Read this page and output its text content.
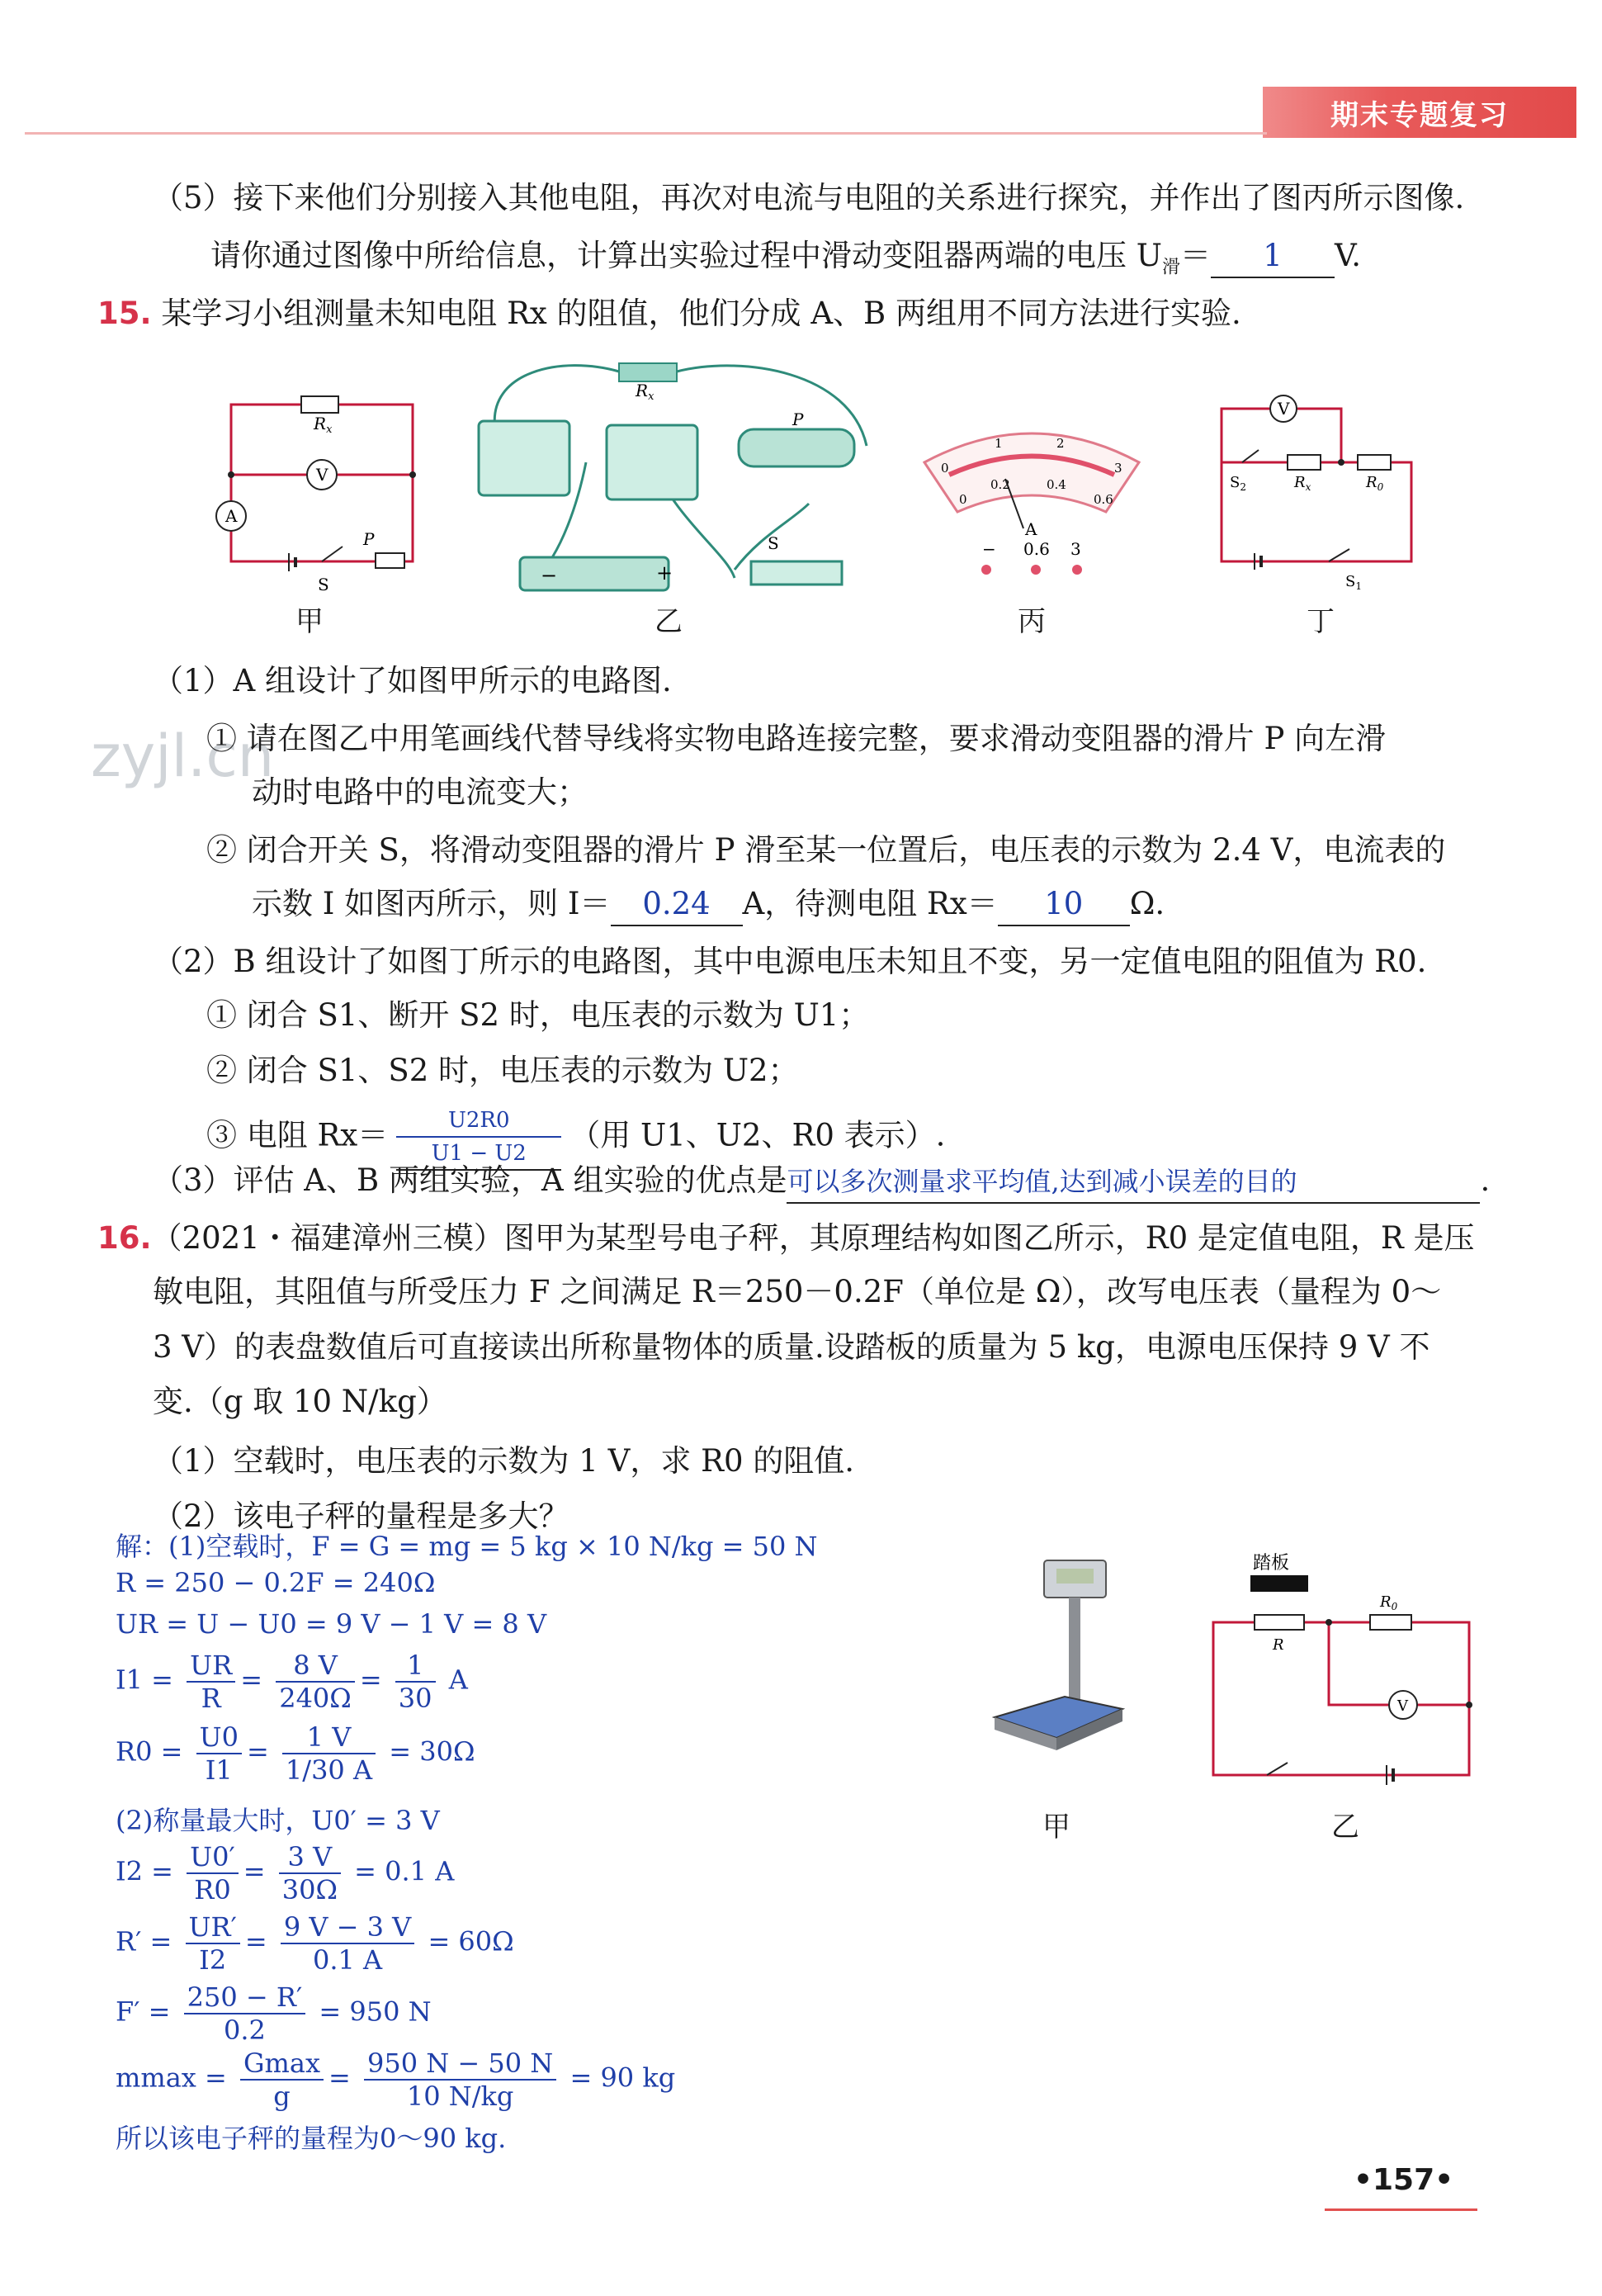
期末专题复习
zyjl.cn
（5）接下来他们分别接入其他电阻，再次对电流与电阻的关系进行探究，并作出了图丙所示图像.
请你通过图像中所给信息，计算出实验过程中滑动变阻器两端的电压 $U_滑= 1$ V.
15. 某学习小组测量未知电阻 Rx 的阻值，他们分成 A、B 两组用不同方法进行实验.
$R_x$
V
A
P
S
甲
$R_x$
P
S
−	+
乙
0
1	2
3
0
0.2	0.4
0.6
A
− 0.6 3
丙
V
$S_2$	$R_x$	$R_0$
$S_1$
丁
（1）A 组设计了如图甲所示的电路图.
① 请在图乙中用笔画线代替导线将实物电路连接完整，要求滑动变阻器的滑片 P 向左滑
动时电路中的电流变大；
② 闭合开关 S，将滑动变阻器的滑片 P 滑至某一位置后，电压表的示数为 2.4 V，电流表的
示数 I 如图丙所示，则 I＝ 0.24 A，待测电阻 Rx＝ 10 Ω.
（2）B 组设计了如图丁所示的电路图，其中电源电压未知且不变，另一定值电阻的阻值为 R0.
① 闭合 S1、断开 S2 时，电压表的示数为 U1；
② 闭合 S1、S2 时，电压表的示数为 U2；
③ 电阻 $Rx= \frac{U2R0}{U1 - U2}$ （用 U1、U2、R0 表示）.
（3）评估 A、B 两组实验，A 组实验的优点是可以多次测量求平均值,达到减小误差的目的	.
16.（2021・福建漳州三模）图甲为某型号电子秤，其原理结构如图乙所示，R0 是定值电阻，R 是压
敏电阻，其阻值与所受压力 F 之间满足 R＝250－0.2F（单位是 Ω），改写电压表（量程为 0～
3 V）的表盘数值后可直接读出所称量物体的质量.设踏板的质量为 5 kg，电源电压保持 9 V 不
变.（g 取 10 N/kg）
（1）空载时，电压表的示数为 1 V，求 R0 的阻值.
（2）该电子秤的量程是多大？
甲
踏板
$R_0$
R
V
乙
解：(1)空载时，F = G = mg = 5 kg × 10 N/kg = 50 N
R = 250 − 0.2F = 240Ω
UR = U − U0 = 9 V − 1 V = 8 V
$I1 = \frac{UR}{R} = \frac{8 V}{240\Omega} = \frac{1}{30}$ A
$R0 = \frac{U0}{I1} = \frac{1 V}{1/30 A} = 30\Omega$
(2)称量最大时，U0′ = 3 V
$I2 = \frac{U0'}{R0} = \frac{3 V}{30\Omega} = 0.1$ A
$R' = \frac{UR'}{I2} = \frac{9 V - 3 V}{0.1 A} = 60\Omega$
$F' = \frac{250 - R'}{0.2} = 950$ N
$mmax = \frac{Gmax}{g} = \frac{950 N - 50 N}{10 N/kg} = 90$ kg
所以该电子秤的量程为0～90 kg.
•157•
